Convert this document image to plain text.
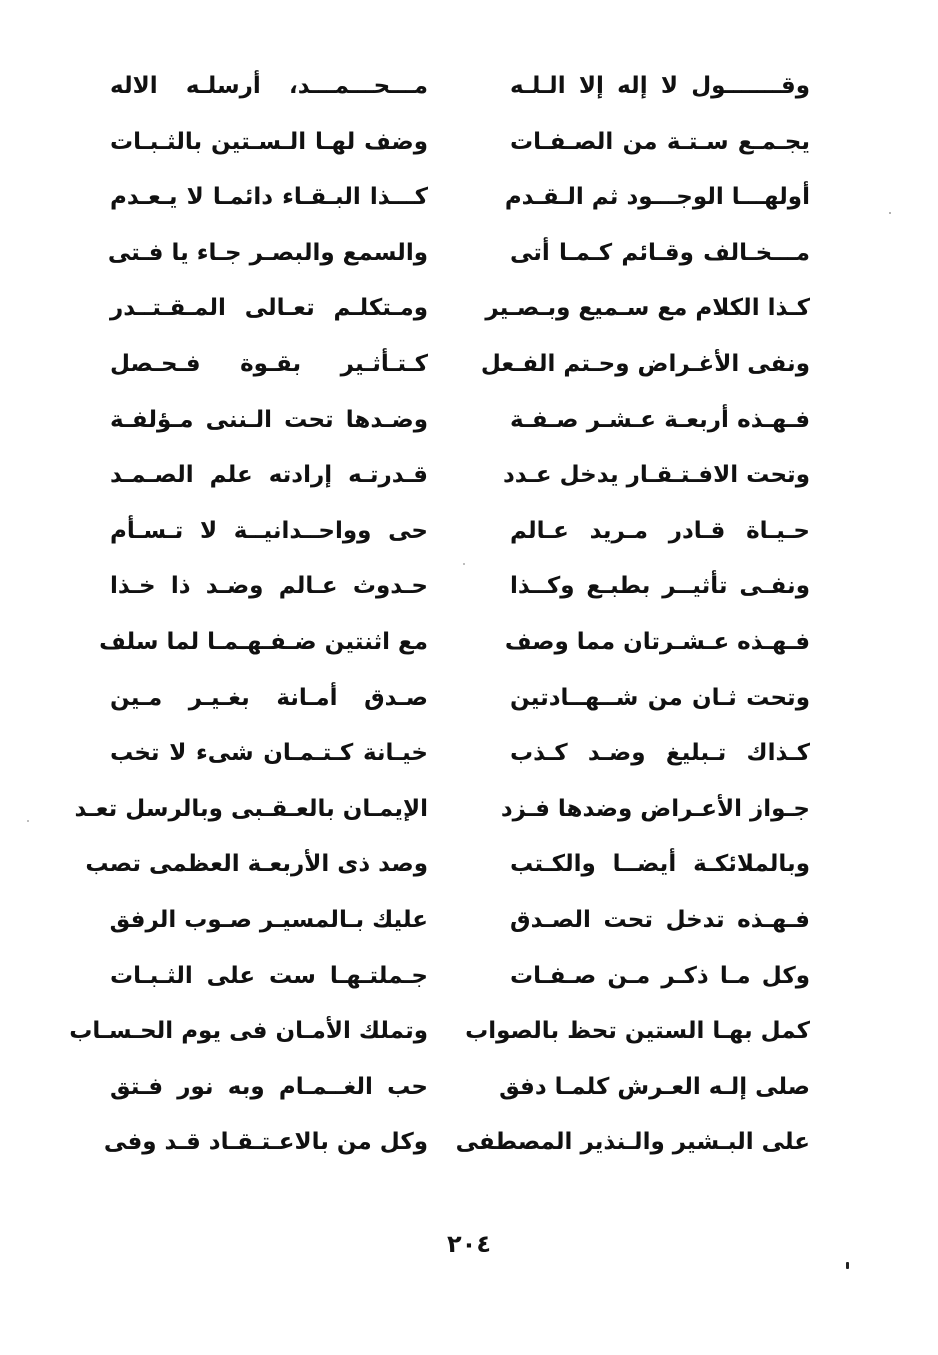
وقـــــــول لا إله إلا الـلـه
مـــحـــمـــد، أرسلـه الاله
يجـمـع سـتـة من الصـفـات
وضف لهـا الـسـتين بالثـبـات
أولهـــا الوجـــود ثم الـقـدم
كـــذا البـقـاء دائمـا لا يـعـدم
مـــخـالف وقـائم كـمـا أتى
والسمع والبصـر جـاء يا فـتى
كـذا الكلام مع سـميع وبـصـير
ومـتكلـم تعـالى المـقـتــدر
ونفى الأغـراض وحـتم الفـعل
كـتـأثـير بقـوة فـحـصل
فـهـذه أربعـة عـشـر صـفـة
وضـدها تحت الـننى مـؤلفـة
وتحت الافـتـقـار يدخل عـدد
قـدرتـه إرادته علم الصـمـد
حـيـاة قـادر مـريد عـالم
حى وواحــدانيــة لا تـسـأم
ونفـى تأثيــر بطبـع وكــذا
حـدوث عـالم وضـد ذا خـذا
فـهـذه عـشـرتان مما وصف
مع اثنتين ضـفـهـمـا لما سلف
وتحت ثـان من شــهــادتين
صـدق أمـانة بغـيـر مـين
كـذاك تـبليغ وضـد كـذب
خيـانة كـتـمـان شىء لا تخب
جـواز الأعـراض وضدها فـزد
الإيمـان بالعـقـبى وبالرسل تعـد
وبالملائكـة أيضــا والكـتب
وصد ذى الأربعـة العظمى تصب
فـهـذه تدخل تحت الصـدق
عليك بـالمسيـر صـوب الرفق
وكل مـا ذكـر مـن صـفـات
جـملتـهـا ست على الثـبـات
كمل بهـا الستين تحظ بالصواب
وتملك الأمـان فى يوم الحـسـاب
صلى إلـه العـرش كلمـا دفق
حب الغــمـام وبه نور فـتق
على البـشير والـنذير المصطفى
وكل من بالاعـتـقـاد قـد وفى
٢٠٤
